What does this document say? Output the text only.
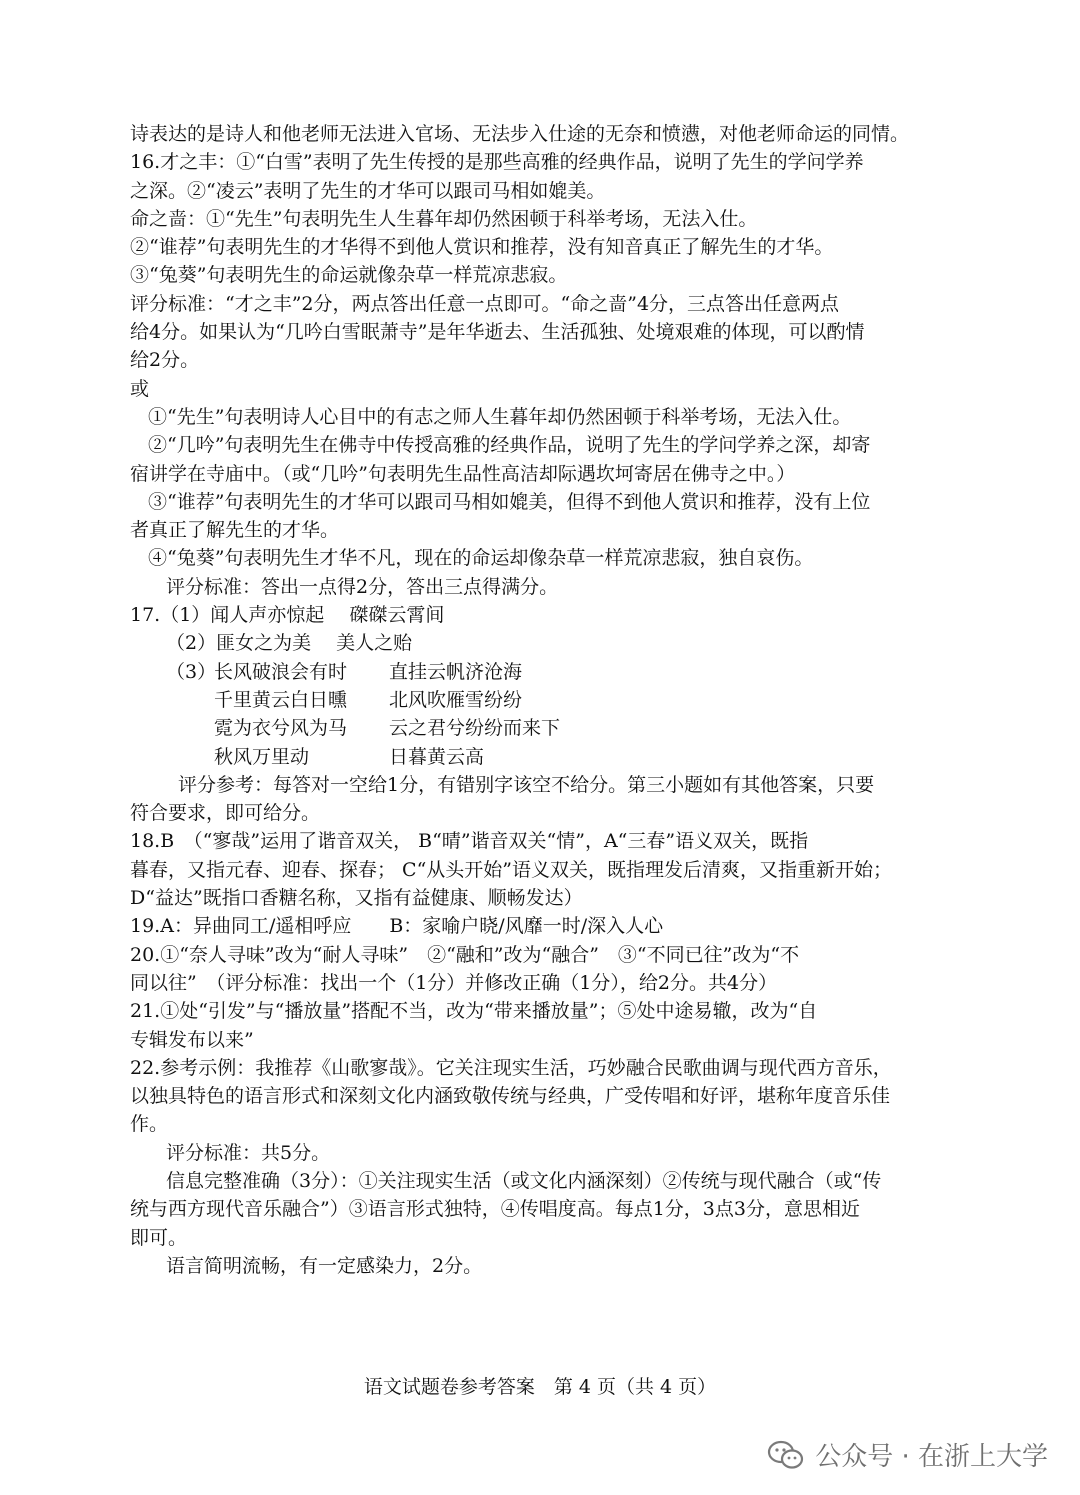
诗表达的是诗人和他老师无法进入官场、无法步入仕途的无奈和愤懑，对他老师命运的同情。
16.才之丰：①“白雪”表明了先生传授的是那些高雅的经典作品，说明了先生的学问学养
之深。②“凌云”表明了先生的才华可以跟司马相如媲美。
命之啬：①“先生”句表明先生人生暮年却仍然困顿于科举考场，无法入仕。
②“谁荐”句表明先生的才华得不到他人赏识和推荐，没有知音真正了解先生的才华。
③“兔葵”句表明先生的命运就像杂草一样荒凉悲寂。
评分标准：“才之丰”2分，两点答出任意一点即可。“命之啬”4分，三点答出任意两点
给4分。如果认为“几吟白雪眠萧寺”是年华逝去、生活孤独、处境艰难的体现，可以酌情
给2分。
或
①“先生”句表明诗人心目中的有志之师人生暮年却仍然困顿于科举考场，无法入仕。
②“几吟”句表明先生在佛寺中传授高雅的经典作品，说明了先生的学问学养之深，却寄
宿讲学在寺庙中。（或“几吟”句表明先生品性高洁却际遇坎坷寄居在佛寺之中。）
③“谁荐”句表明先生的才华可以跟司马相如媲美，但得不到他人赏识和推荐，没有上位
者真正了解先生的才华。
④“兔葵”句表明先生才华不凡，现在的命运却像杂草一样荒凉悲寂，独自哀伤。
评分标准：答出一点得2分，答出三点得满分。
17.（1）闻人声亦惊起　 磔磔云霄间
（2）匪女之为美　 美人之贻
（3）
长风破浪会有时	直挂云帆济沧海
千里黄云白日曛	北风吹雁雪纷纷
霓为衣兮风为马	云之君兮纷纷而来下
秋风万里动	日暮黄云高
评分参考：每答对一空给1分，有错别字该空不给分。第三小题如有其他答案，只要
符合要求，即可给分。
18.B　（“寥哉”运用了谐音双关， B“晴”谐音双关“情”，A“三春”语义双关，既指
暮春，又指元春、迎春、探春； C“从头开始”语义双关，既指理发后清爽，又指重新开始；
D“益达”既指口香糖名称，又指有益健康、顺畅发达）
19.A：异曲同工/遥相呼应　　B：家喻户晓/风靡一时/深入人心
20.①“奈人寻味”改为“耐人寻味”　②“融和”改为“融合”　③“不同已往”改为“不
同以往”　（评分标准：找出一个（1分）并修改正确（1分），给2分。共4分）
21.①处“引发”与“播放量”搭配不当，改为“带来播放量”；⑤处中途易辙，改为“自
专辑发布以来”
22.参考示例：我推荐《山歌寥哉》。它关注现实生活，巧妙融合民歌曲调与现代西方音乐，
以独具特色的语言形式和深刻文化内涵致敬传统与经典，广受传唱和好评，堪称年度音乐佳
作。
评分标准：共5分。
信息完整准确（3分）：①关注现实生活（或文化内涵深刻）②传统与现代融合（或“传
统与西方现代音乐融合”）③语言形式独特，④传唱度高。每点1分，3点3分，意思相近
即可。
语言简明流畅，有一定感染力，2分。
语文试题卷参考答案　第 4 页（共 4 页）
公众号 · 在浙上大学
